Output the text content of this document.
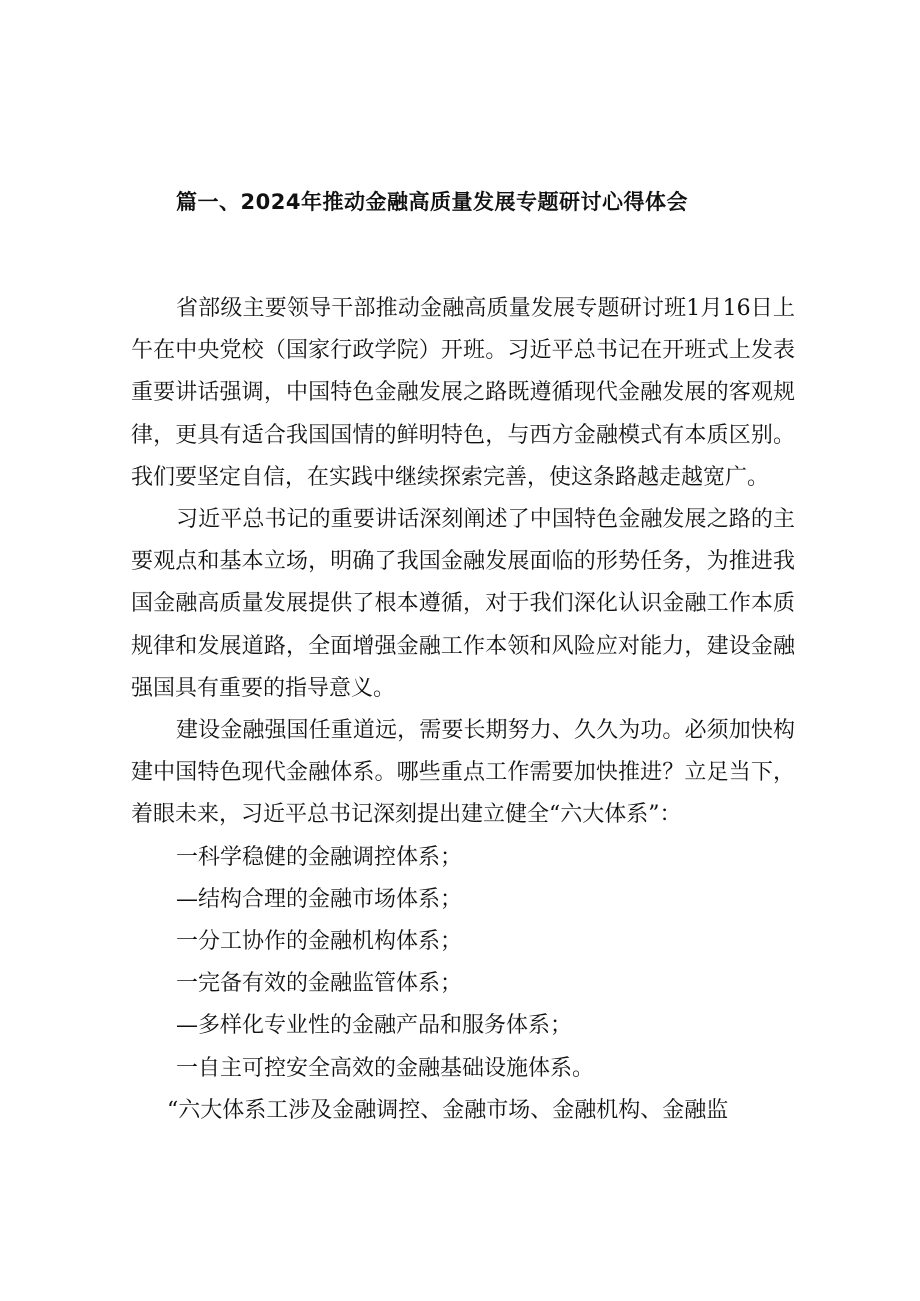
篇一、2024年推动金融高质量发展专题研讨心得体会

省部级主要领导干部推动金融高质量发展专题研讨班1月16日上午在中央党校（国家行政学院）开班。习近平总书记在开班式上发表重要讲话强调，中国特色金融发展之路既遵循现代金融发展的客观规律，更具有适合我国国情的鲜明特色，与西方金融模式有本质区别。我们要坚定自信，在实践中继续探索完善，使这条路越走越宽广。

习近平总书记的重要讲话深刻阐述了中国特色金融发展之路的主要观点和基本立场，明确了我国金融发展面临的形势任务，为推进我国金融高质量发展提供了根本遵循，对于我们深化认识金融工作本质规律和发展道路，全面增强金融工作本领和风险应对能力，建设金融强国具有重要的指导意义。

建设金融强国任重道远，需要长期努力、久久为功。必须加快构建中国特色现代金融体系。哪些重点工作需要加快推进？立足当下，着眼未来，习近平总书记深刻提出建立健全“六大体系”：

一科学稳健的金融调控体系；
—结构合理的金融市场体系；
一分工协作的金融机构体系；
一完备有效的金融监管体系；
—多样化专业性的金融产品和服务体系；
一自主可控安全高效的金融基础设施体系。
“六大体系工涉及金融调控、金融市场、金融机构、金融监
